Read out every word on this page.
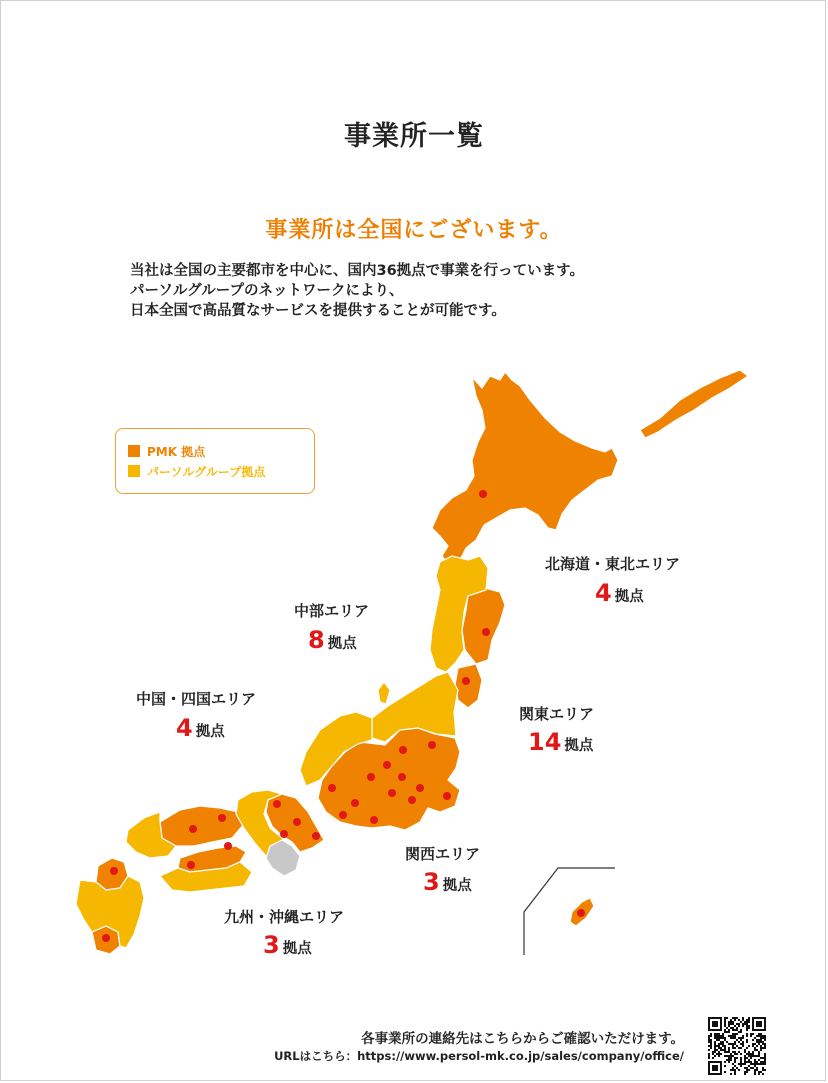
事業所一覧
事業所は全国にございます。
当社は全国の主要都市を中心に、国内36拠点で事業を行っています。
パーソルグループのネットワークにより、
日本全国で高品質なサービスを提供することが可能です。
PMK 拠点
パーソルグループ拠点
北海道・東北エリア
4 拠点
中部エリア
8 拠点
中国・四国エリア
4 拠点
関東エリア
14 拠点
関西エリア
3 拠点
九州・沖縄エリア
3 拠点
各事業所の連絡先はこちらからご確認いただけます。
URLはこちら：https://www.persol-mk.co.jp/sales/company/office/
